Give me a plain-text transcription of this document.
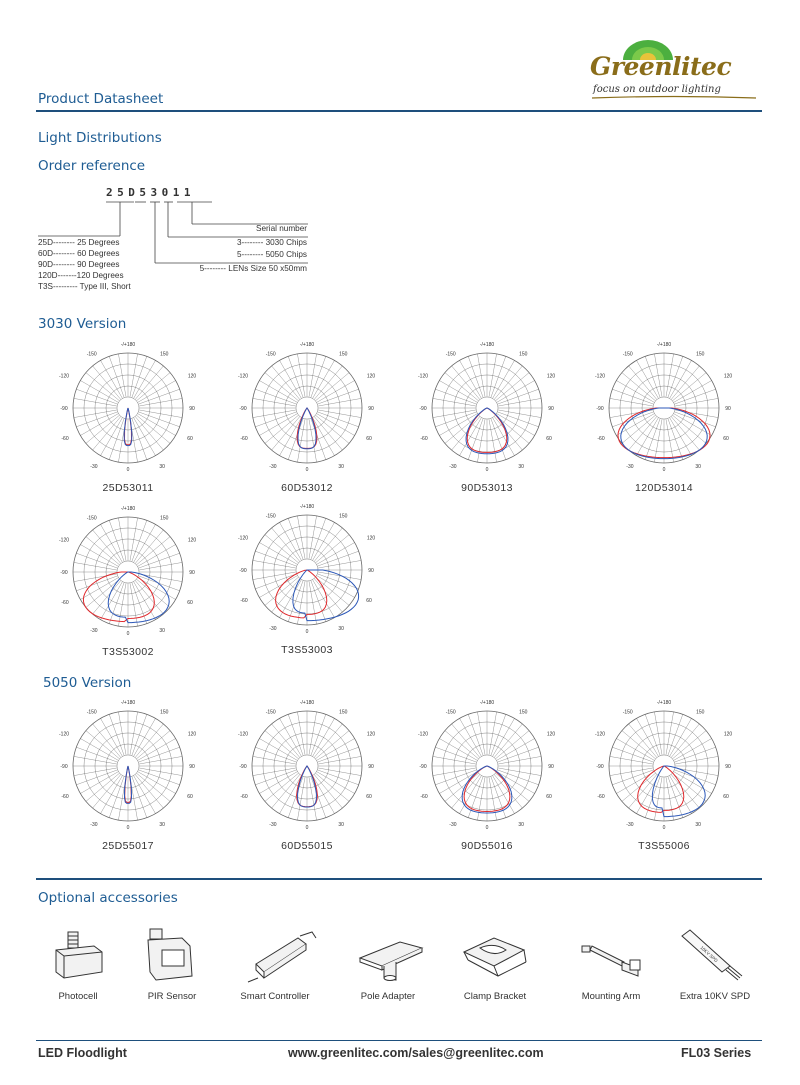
Greenlitec
focus on outdoor lighting
Product Datasheet
Light Distributions
Order reference
25D53011
Serial number
3-------- 3030 Chips
5-------- 5050 Chips
5-------- LENs Size 50 x50mm
25D-------- 25 Degrees
60D-------- 60 Degrees
90D-------- 90 Degrees
120D-------120 Degrees
T3S--------- Type III, Short
3030 Version
5050 Version
-/+180
-150	150
-120	120
-90	90
-60	60
-30	30
0
25D53011
-/+180
-150	150
-120	120
-90	90
-60	60
-30	30
0
60D53012
-/+180
-150	150
-120	120
-90	90
-60	60
-30	30
0
90D53013
-/+180
-150	150
-120	120
-90	90
-60	60
-30	30
0
120D53014
-/+180
-150	150
-120	120
-90	90
-60	60
-30	30
0
T3S53002
-/+180
-150	150
-120	120
-90	90
-60	60
-30	30
0
T3S53003
-/+180
-150	150
-120	120
-90	90
-60	60
-30	30
0
25D55017
-/+180
-150	150
-120	120
-90	90
-60	60
-30	30
0
60D55015
-/+180
-150	150
-120	120
-90	90
-60	60
-30	30
0
90D55016
-/+180
-150	150
-120	120
-90	90
-60	60
-30	30
0
T3S55006
Optional accessories
10KV SPD
Photocell	PIR Sensor	Smart Controller	Pole Adapter	Clamp Bracket	Mounting Arm	Extra 10KV SPD
LED Floodlight	www.greenlitec.com/sales@greenlitec.com	FL03 Series
